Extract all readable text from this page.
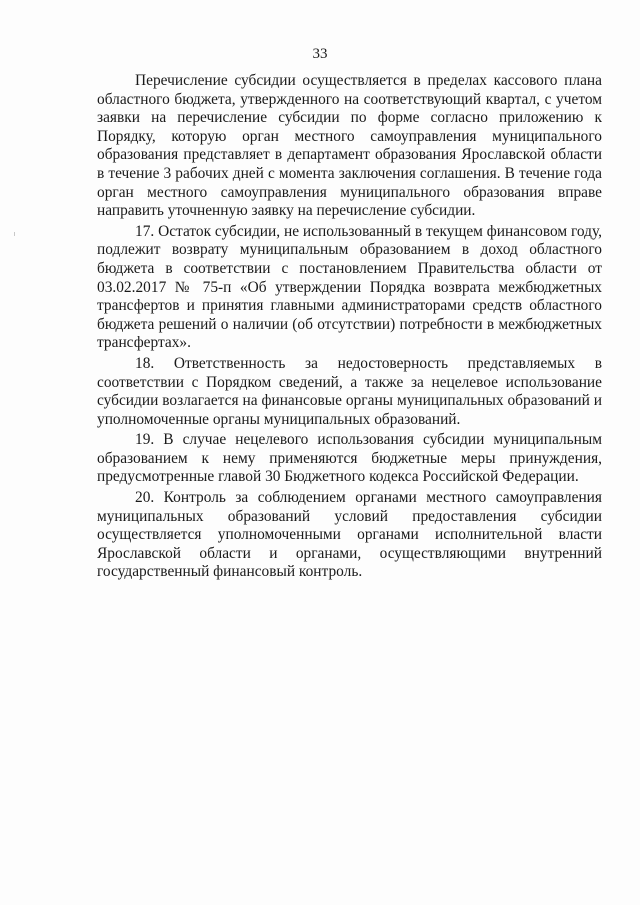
33

Перечисление субсидии осуществляется в пределах кассового плана областного бюджета, утвержденного на соответствующий квартал, с учетом заявки на перечисление субсидии по форме согласно приложению к Порядку, которую орган местного самоуправления муниципального образования представляет в департамент образования Ярославской области в течение 3 рабочих дней с момента заключения соглашения. В течение года орган местного самоуправления муниципального образования вправе направить уточненную заявку на перечисление субсидии.

17. Остаток субсидии, не использованный в текущем финансовом году, подлежит возврату муниципальным образованием в доход областного бюджета в соответствии с постановлением Правительства области от 03.02.2017 № 75-п «Об утверждении Порядка возврата межбюджетных трансфертов и принятия главными администраторами средств областного бюджета решений о наличии (об отсутствии) потребности в межбюджетных трансфертах».

18. Ответственность за недостоверность представляемых в соответствии с Порядком сведений, а также за нецелевое использование субсидии возлагается на финансовые органы муниципальных образований и уполномоченные органы муниципальных образований.

19. В случае нецелевого использования субсидии муниципальным образованием к нему применяются бюджетные меры принуждения, предусмотренные главой 30 Бюджетного кодекса Российской Федерации.

20. Контроль за соблюдением органами местного самоуправления муниципальных образований условий предоставления субсидии осуществляется уполномоченными органами исполнительной власти Ярославской области и органами, осуществляющими внутренний государственный финансовый контроль.
